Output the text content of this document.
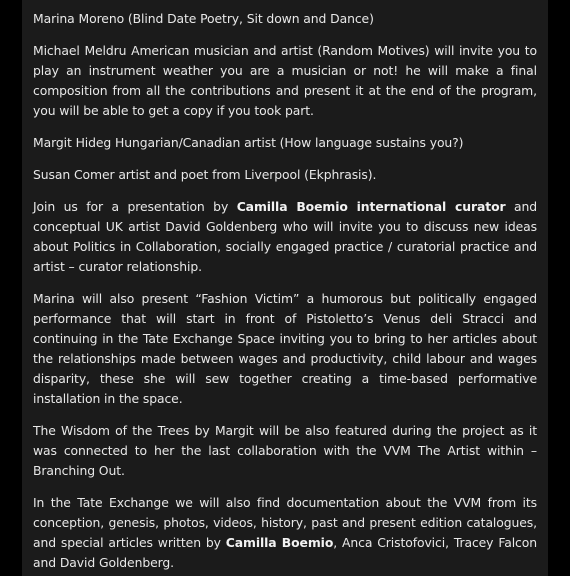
Marina Moreno (Blind Date Poetry, Sit down and Dance)

Michael Meldru American musician and artist (Random Motives) will invite you to play an instrument weather you are a musician or not! he will make a final composition from all the contributions and present it at the end of the program, you will be able to get a copy if you took part.

Margit Hideg Hungarian/Canadian artist (How language sustains you?)

Susan Comer artist and poet from Liverpool (Ekphrasis).

Join us for a presentation by Camilla Boemio international curator and conceptual UK artist David Goldenberg who will invite you to discuss new ideas about Politics in Collaboration, socially engaged practice / curatorial practice and artist – curator relationship.

Marina will also present “Fashion Victim” a humorous but politically engaged performance that will start in front of Pistoletto’s Venus deli Stracci and continuing in the Tate Exchange Space inviting you to bring to her articles about the relationships made between wages and productivity, child labour and wages disparity, these she will sew together creating a time-based performative installation in the space.

The Wisdom of the Trees by Margit will be also featured during the project as it was connected to her the last collaboration with the VVM The Artist within – Branching Out.

In the Tate Exchange we will also find documentation about the VVM from its conception, genesis, photos, videos, history, past and present edition catalogues, and special articles written by Camilla Boemio, Anca Cristofovici, Tracey Falcon and David Goldenberg.
